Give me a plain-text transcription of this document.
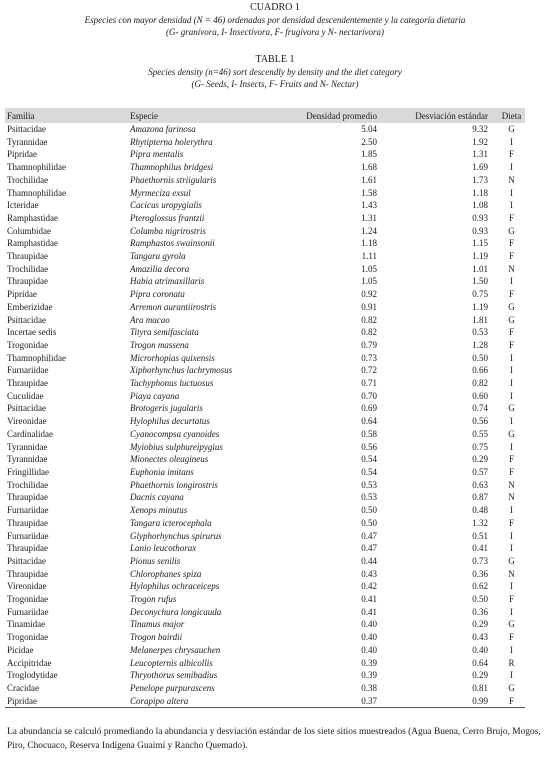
CUADRO 1
Especies con mayor densidad (N = 46) ordenadas por densidad descendentemente y la categoría dietaria
(G- granívora, I- Insectívora, F- frugívora y N- nectarívora)
TABLE 1
Species density (n=46) sort descendly by density and the diet category
(G- Seeds, I- Insects, F- Fruits and N- Nectar)
Familia	Especie	Densidad promedio	Desviación estándar	Dieta
Psittacidae	Amazona farinosa	5.04	9.32	G
Tyrannidae	Rhytipterna holerythra	2.50	1.92	I
Pipridae	Pipra mentalis	1.85	1.31	F
Thamnophilidae	Thamnophilus bridgesi	1.68	1.69	I
Trochilidae	Phaethornis striigularis	1.61	1.73	N
Thamnophilidae	Myrmeciza exsul	1.58	1.18	I
Icteridae	Cacicus uropygialis	1.43	1.08	I
Ramphastidae	Pteroglossus frantzii	1.31	0.93	F
Columbidae	Columba nigrirostris	1.24	0.93	G
Ramphastidae	Ramphastos swainsonii	1.18	1.15	F
Thraupidae	Tangara gyrola	1.11	1.19	F
Trochilidae	Amazilia decora	1.05	1.01	N
Thraupidae	Habia atrimaxillaris	1.05	1.50	I
Pipridae	Pipra coronata	0.92	0.75	F
Emberizidae	Arremon aurantiirostris	0.91	1.19	G
Psittacidae	Ara macao	0.82	1.81	G
Incertae sedis	Tityra semifasciata	0.82	0.53	F
Trogonidae	Trogon massena	0.79	1.28	F
Thamnophilidae	Microrhopias quixensis	0.73	0.50	I
Furnariidae	Xiphorhynchus lachrymosus	0.72	0.66	I
Thraupidae	Tachyphonus luctuosus	0.71	0.82	I
Cuculidae	Piaya cayana	0.70	0.60	I
Psittacidae	Brotogeris jugularis	0.69	0.74	G
Vireonidae	Hylophilus decurtatus	0.64	0.56	I
Cardinalidae	Cyanocompsa cyanoides	0.58	0.55	G
Tyrannidae	Myiobius sulphureipygius	0.56	0.75	I
Tyrannidae	Mionectes oleagineus	0.54	0.29	F
Fringillidae	Euphonia imitans	0.54	0.57	F
Trochilidae	Phaethornis longirostris	0.53	0.63	N
Thraupidae	Dacnis cayana	0.53	0.87	N
Furnariidae	Xenops minutus	0.50	0.48	I
Thraupidae	Tangara icterocephala	0.50	1.32	F
Furnariidae	Glyphorhynchus spirurus	0.47	0.51	I
Thraupidae	Lanio leucothorax	0.47	0.41	I
Psittacidae	Pionus senilis	0.44	0.73	G
Thraupidae	Chlorophanes spiza	0.43	0.36	N
Vireonidae	Hylophilus ochraceiceps	0.42	0.62	I
Trogonidae	Trogon rufus	0.41	0.50	F
Furnariidae	Deconychura longicauda	0.41	0.36	I
Tinamidae	Tinamus major	0.40	0.29	G
Trogonidae	Trogon bairdii	0.40	0.43	F
Picidae	Melanerpes chrysauchen	0.40	0.40	I
Accipitridae	Leucopternis albicollis	0.39	0.64	R
Troglodytidae	Thryothorus semibadius	0.39	0.29	I
Cracidae	Penelope purpurascens	0.38	0.81	G
Pipridae	Corapipo altera	0.37	0.99	F

La abundancia se calculó promediando la abundancia y desviación estándar de los siete sitios muestreados (Agua Buena, Cerro Brujo, Mogos, Piro, Chocuaco, Reserva Indígena Guaimí y Rancho Quemado).
